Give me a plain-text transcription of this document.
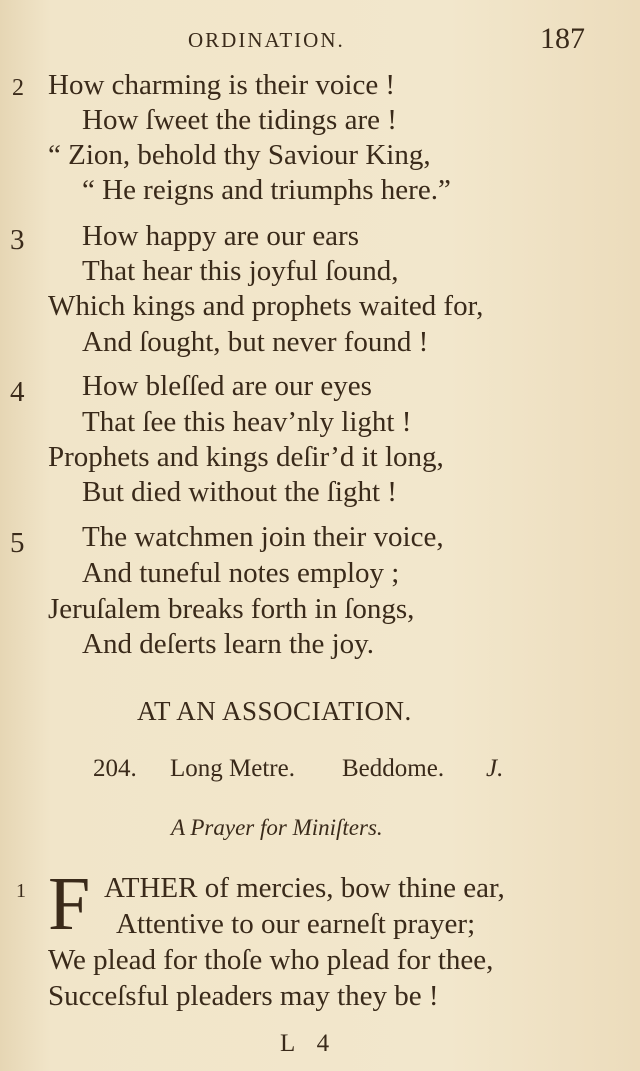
ORDINATION.	187
2 How charming is their voice !
How ſweet the tidings are !
“ Zion, behold thy Saviour King,
“ He reigns and triumphs here.”
3 How happy are our ears
That hear this joyful ſound,
Which kings and prophets waited for,
And ſought, but never found !
4 How bleſſed are our eyes
That ſee this heav’nly light !
Prophets and kings deſir’d it long,
But died without the ſight !
5 The watchmen join their voice,
And tuneful notes employ ;
Jeruſalem breaks forth in ſongs,
And deſerts learn the joy.
AT AN ASSOCIATION.
204. Long Metre. Beddome. J.
A Prayer for Miniſters.
1 F ATHER of mercies, bow thine ear,
Attentive to our earneſt prayer;
We plead for thoſe who plead for thee,
Succeſsful pleaders may they be !
L 4
